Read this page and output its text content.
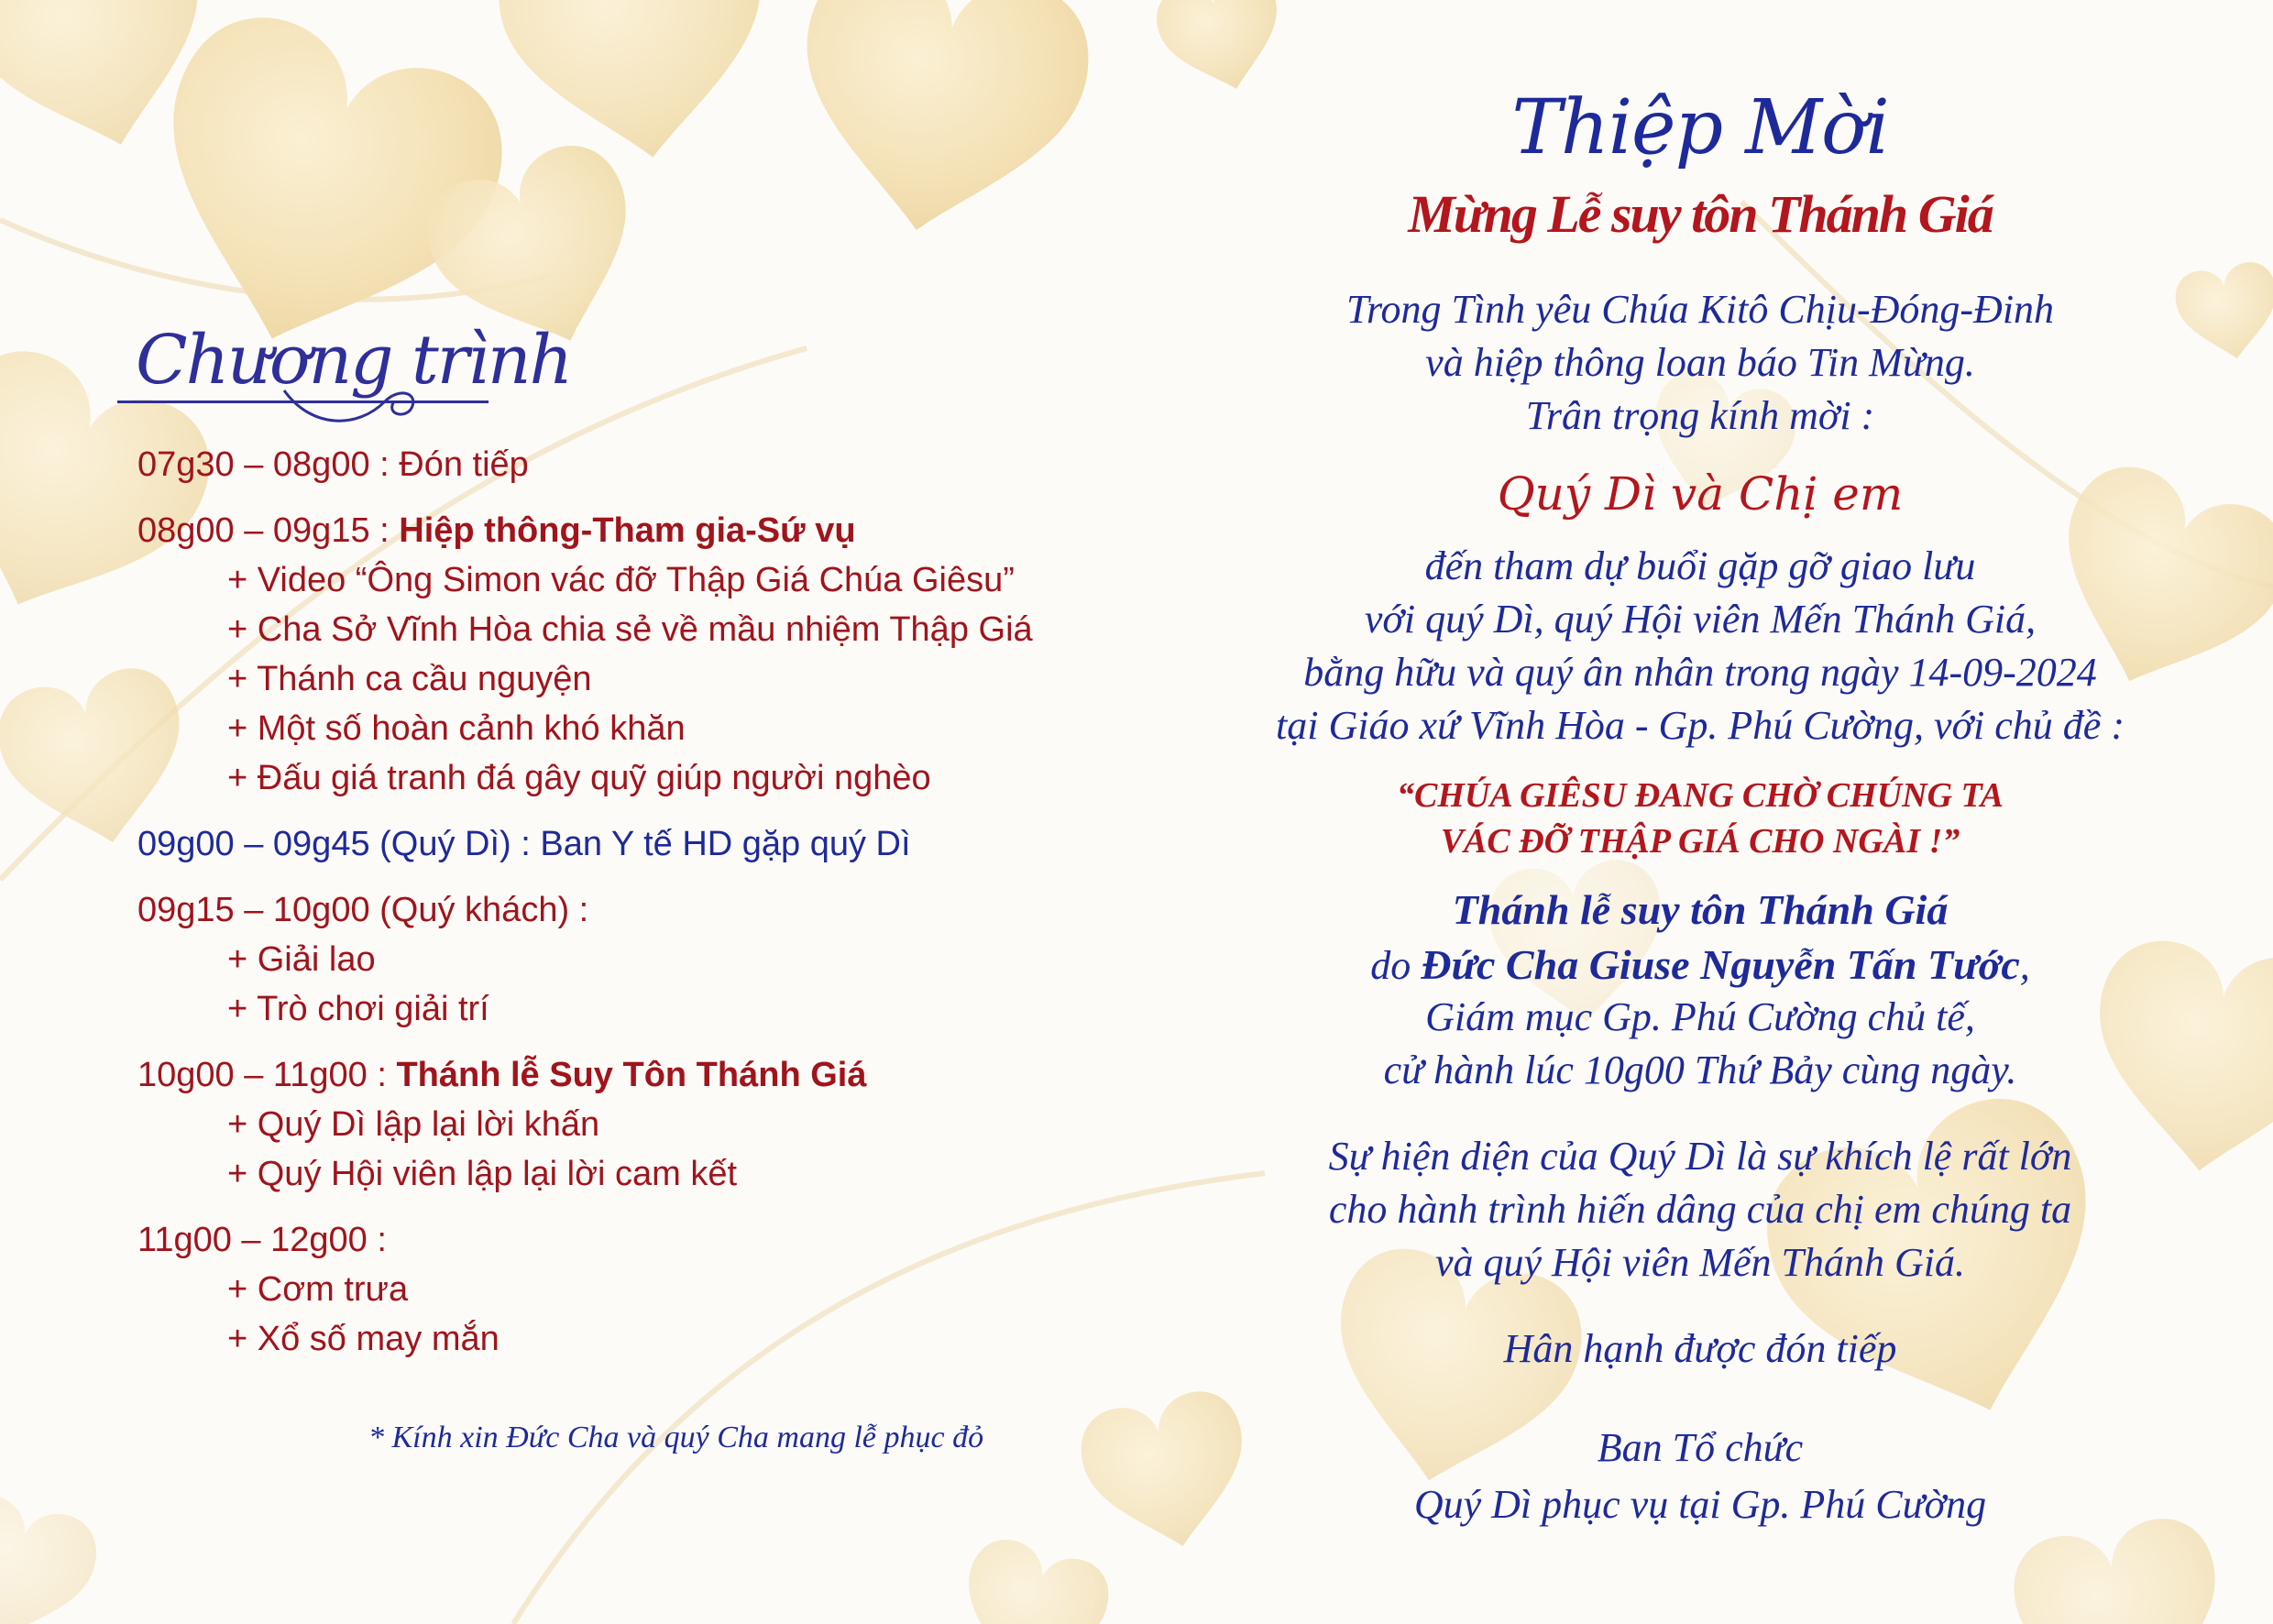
Chương trình
07g30 – 08g00 : Đón tiếp
08g00 – 09g15 : Hiệp thông-Tham gia-Sứ vụ
+ Video “Ông Simon vác đỡ Thập Giá Chúa Giêsu”
+ Cha Sở Vĩnh Hòa chia sẻ về mầu nhiệm Thập Giá
+ Thánh ca cầu nguyện
+ Một số hoàn cảnh khó khăn
+ Đấu giá tranh đá gây quỹ giúp người nghèo
09g00 – 09g45 (Quý Dì) : Ban Y tế HD gặp quý Dì
09g15 – 10g00 (Quý khách) :
+ Giải lao
+ Trò chơi giải trí
10g00 – 11g00 : Thánh lễ Suy Tôn Thánh Giá
+ Quý Dì lập lại lời khấn
+ Quý Hội viên lập lại lời cam kết
11g00 – 12g00 :
+ Cơm trưa
+ Xổ số may mắn

* Kính xin Đức Cha và quý Cha mang lễ phục đỏ

Thiệp Mời
Mừng Lễ suy tôn Thánh Giá

Trong Tình yêu Chúa Kitô Chịu-Đóng-Đinh

và hiệp thông loan báo Tin Mừng.

Trân trọng kính mời :

Quý Dì và Chị em

đến tham dự buổi gặp gỡ giao lưu

với quý Dì, quý Hội viên Mến Thánh Giá,

bằng hữu và quý ân nhân trong ngày 14-09-2024

tại Giáo xứ Vĩnh Hòa - Gp. Phú Cường, với chủ đề :

“CHÚA GIÊSU ĐANG CHỜ CHÚNG TA

VÁC ĐỠ THẬP GIÁ CHO NGÀI !”

Thánh lễ suy tôn Thánh Giá

do Đức Cha Giuse Nguyễn Tấn Tước,

Giám mục Gp. Phú Cường chủ tế,

cử hành lúc 10g00 Thứ Bảy cùng ngày.

Sự hiện diện của Quý Dì là sự khích lệ rất lớn

cho hành trình hiến dâng của chị em chúng ta

và quý Hội viên Mến Thánh Giá.

Hân hạnh được đón tiếp

Ban Tổ chức

Quý Dì phục vụ tại Gp. Phú Cường
